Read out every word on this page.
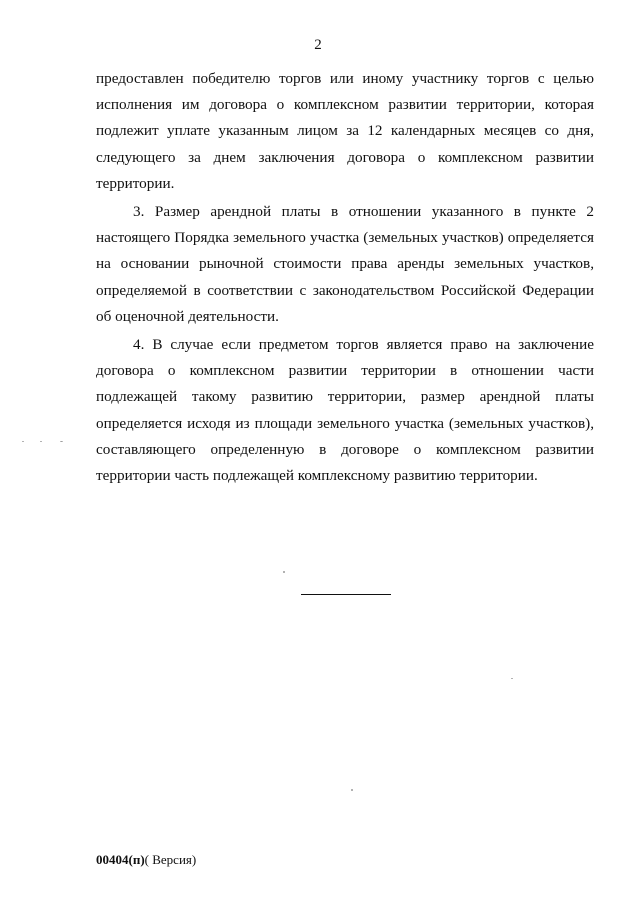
2

предоставлен победителю торгов или иному участнику торгов с целью исполнения им договора о комплексном развитии территории, которая подлежит уплате указанным лицом за 12 календарных месяцев со дня, следующего за днем заключения договора о комплексном развитии территории.

3. Размер арендной платы в отношении указанного в пункте 2 настоящего Порядка земельного участка (земельных участков) определяется на основании рыночной стоимости права аренды земельных участков, определяемой в соответствии с законодательством Российской Федерации об оценочной деятельности.

4. В случае если предметом торгов является право на заключение договора о комплексном развитии территории в отношении части подлежащей такому развитию территории, размер арендной платы определяется исходя из площади земельного участка (земельных участков), составляющего определенную в договоре о комплексном развитии территории часть подлежащей комплексному развитию территории.

00404(п)( Версия)
